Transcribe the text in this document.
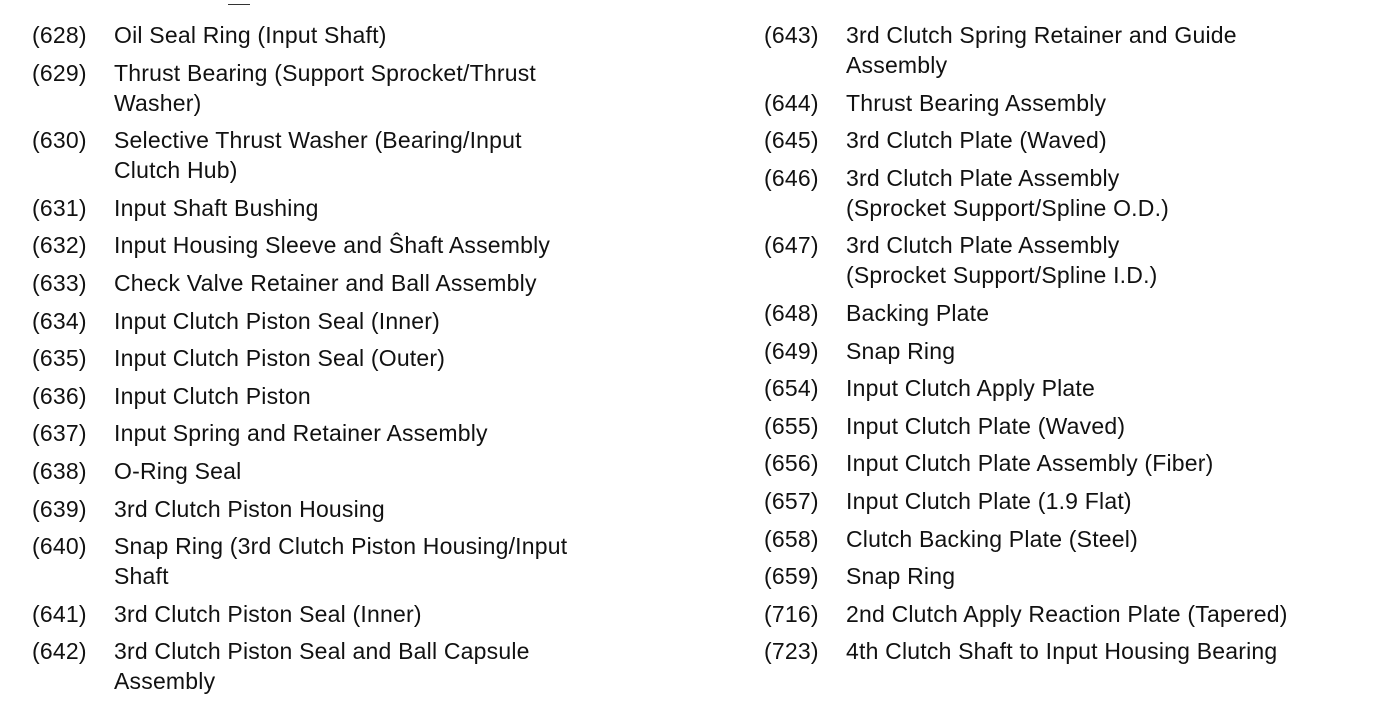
(628)	Oil Seal Ring (Input Shaft)
(629)	Thrust Bearing (Support Sprocket/Thrust
Washer)
(630)	Selective Thrust Washer (Bearing/Input
Clutch Hub)
(631)	Input Shaft Bushing
(632)	Input Housing Sleeve and Ŝhaft Assembly
(633)	Check Valve Retainer and Ball Assembly
(634)	Input Clutch Piston Seal (Inner)
(635)	Input Clutch Piston Seal (Outer)
(636)	Input Clutch Piston
(637)	Input Spring and Retainer Assembly
(638)	O-Ring Seal
(639)	3rd Clutch Piston Housing
(640)	Snap Ring (3rd Clutch Piston Housing/Input
Shaft
(641)	3rd Clutch Piston Seal (Inner)
(642)	3rd Clutch Piston Seal and Ball Capsule
Assembly
(643)	3rd Clutch Spring Retainer and Guide
Assembly
(644)	Thrust Bearing Assembly
(645)	3rd Clutch Plate (Waved)
(646)	3rd Clutch Plate Assembly
(Sprocket Support/Spline O.D.)
(647)	3rd Clutch Plate Assembly
(Sprocket Support/Spline I.D.)
(648)	Backing Plate
(649)	Snap Ring
(654)	Input Clutch Apply Plate
(655)	Input Clutch Plate (Waved)
(656)	Input Clutch Plate Assembly (Fiber)
(657)	Input Clutch Plate (1.9 Flat)
(658)	Clutch Backing Plate (Steel)
(659)	Snap Ring
(716)	2nd Clutch Apply Reaction Plate (Tapered)
(723)	4th Clutch Shaft to Input Housing Bearing
